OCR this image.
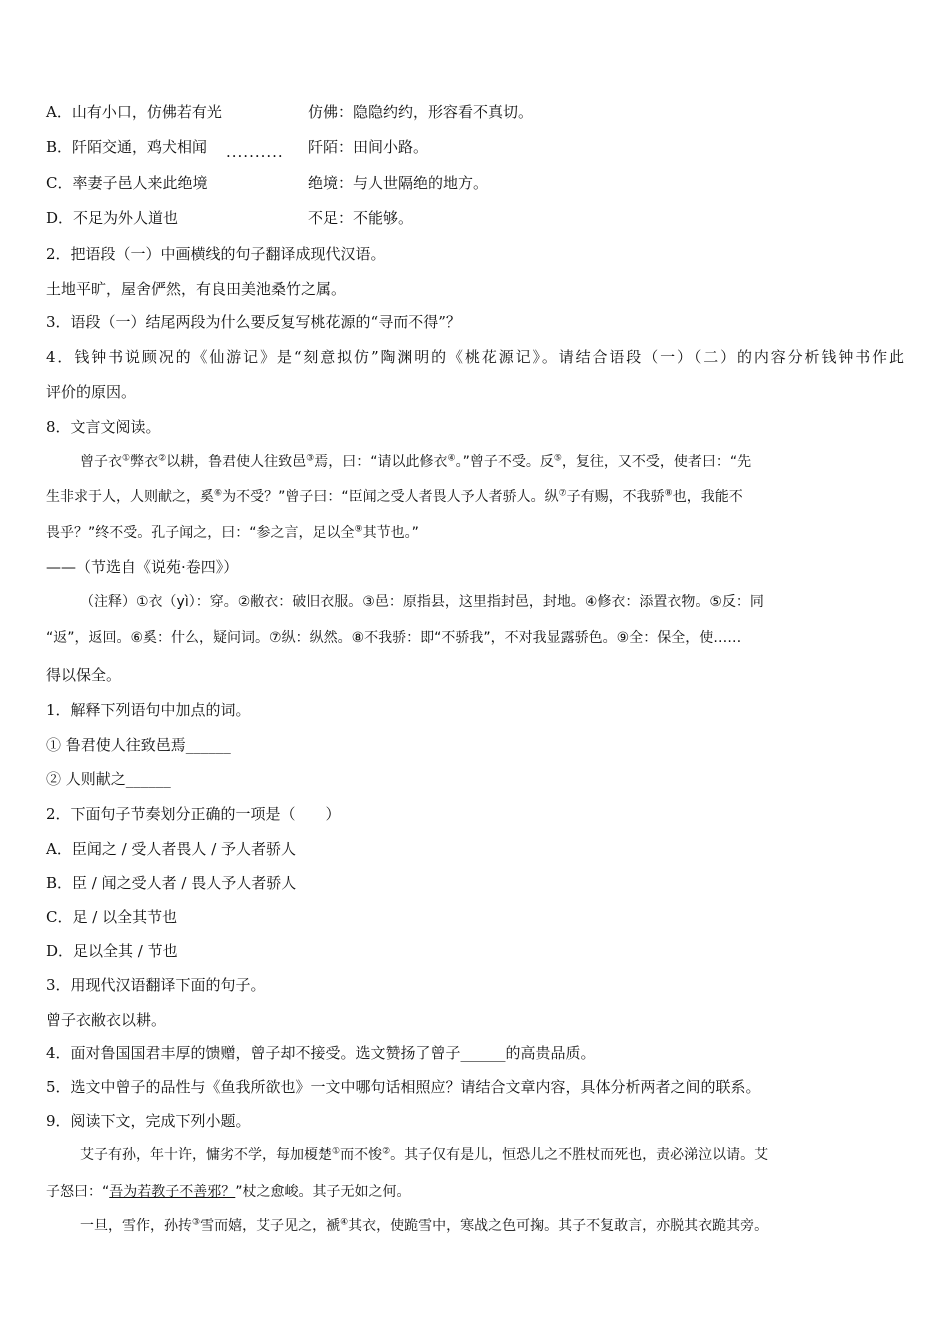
A．山有小口，仿佛若有光	仿佛：隐隐约约，形容看不真切。
B．阡陌交通，鸡犬相闻 .......... 阡陌：田间小路。
C．率妻子邑人来此绝境	绝境：与人世隔绝的地方。
D．不足为外人道也	不足：不能够。
2．把语段（一）中画横线的句子翻译成现代汉语。
土地平旷，屋舍俨然，有良田美池桑竹之属。
3．语段（一）结尾两段为什么要反复写桃花源的“寻而不得”？
4．钱钟书说顾况的《仙游记》是“刻意拟仿”陶渊明的《桃花源记》。请结合语段（一）（二）的内容分析钱钟书作此
评价的原因。
8．文言文阅读。
曾子衣①弊衣②以耕，鲁君使人往致邑③焉，曰：“请以此修衣④。”曾子不受。反⑤，复往，又不受，使者曰：“先
生非求于人，人则献之，奚⑥为不受？”曾子曰：“臣闻之受人者畏人予人者骄人。纵⑦子有赐，不我骄⑧也，我能不
畏乎？”终不受。孔子闻之，曰：“参之言，足以全⑨其节也。”
——（节选自《说苑·卷四》）
（注释）①衣（yì）：穿。②敝衣：破旧衣服。③邑：原指县，这里指封邑，封地。④修衣：添置衣物。⑤反：同
“返”，返回。⑥奚：什么，疑问词。⑦纵：纵然。⑧不我骄：即“不骄我”，不对我显露骄色。⑨全：保全，使……
得以保全。
1．解释下列语句中加点的词。
① 鲁君使人往致邑焉______
② 人则献之______
2．下面句子节奏划分正确的一项是（　　）
A．臣闻之 / 受人者畏人 / 予人者骄人
B．臣 / 闻之受人者 / 畏人予人者骄人
C．足 / 以全其节也
D．足以全其 / 节也
3．用现代汉语翻译下面的句子。
曾子衣敝衣以耕。
4．面对鲁国国君丰厚的馈赠，曾子却不接受。选文赞扬了曾子______的高贵品质。
5．选文中曾子的品性与《鱼我所欲也》一文中哪句话相照应？请结合文章内容，具体分析两者之间的联系。
9．阅读下文，完成下列小题。
艾子有孙，年十许，慵劣不学，每加榎楚①而不悛②。其子仅有是儿，恒恐儿之不胜杖而死也，责必涕泣以请。艾
子怒曰：“吾为若教子不善邪？”杖之愈峻。其子无如之何。
一旦，雪作，孙抟③雪而嬉，艾子见之，褫④其衣，使跪雪中，寒战之色可掬。其子不复敢言，亦脱其衣跪其旁。
